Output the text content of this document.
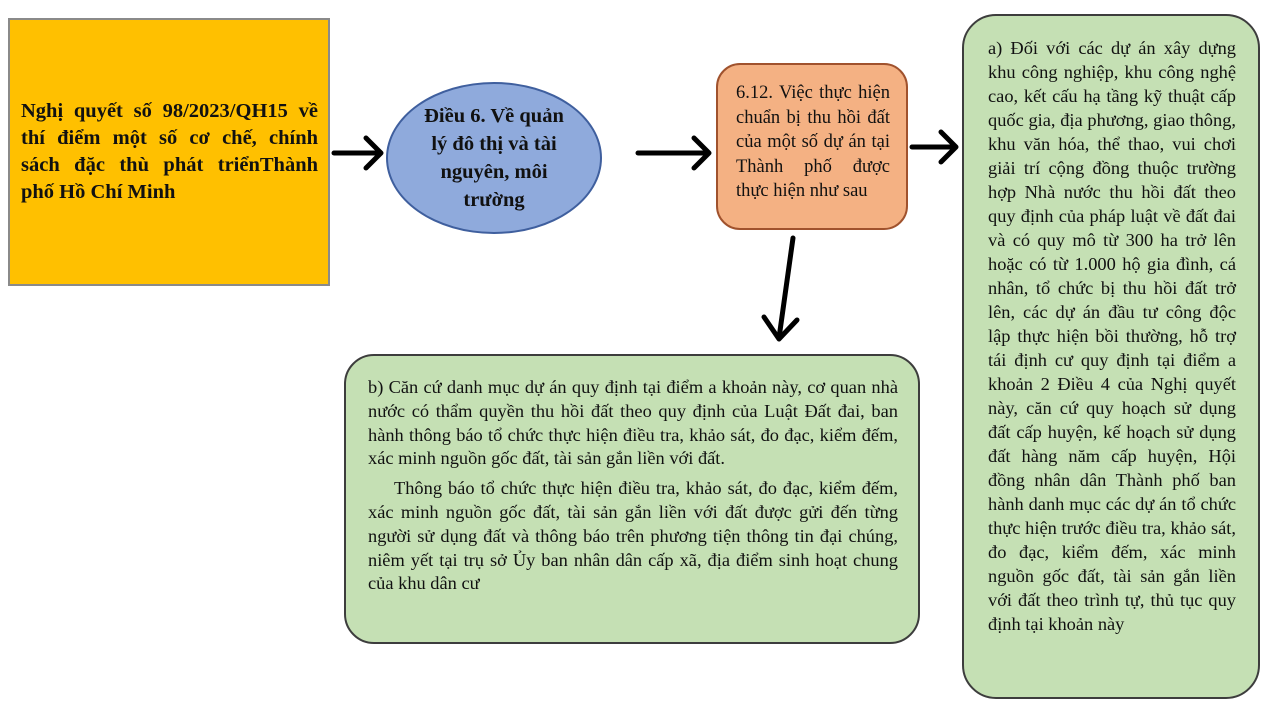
Nghị quyết số 98/2023/QH15 về thí điểm một số cơ chế, chính sách đặc thù phát triểnThành phố Hồ Chí Minh

Điều 6. Về quản lý đô thị và tài nguyên, môi trường

6.12. Việc thực hiện chuẩn bị thu hồi đất của một số dự án tại Thành phố được thực hiện như sau

a) Đối với các dự án xây dựng khu công nghiệp, khu công nghệ cao, kết cấu hạ tầng kỹ thuật cấp quốc gia, địa phương, giao thông, khu văn hóa, thể thao, vui chơi giải trí cộng đồng thuộc trường hợp Nhà nước thu hồi đất theo quy định của pháp luật về đất đai và có quy mô từ 300 ha trở lên hoặc có từ 1.000 hộ gia đình, cá nhân, tổ chức bị thu hồi đất trở lên, các dự án đầu tư công độc lập thực hiện bồi thường, hỗ trợ tái định cư quy định tại điểm a khoản 2 Điều 4 của Nghị quyết này, căn cứ quy hoạch sử dụng đất cấp huyện, kế hoạch sử dụng đất hàng năm cấp huyện, Hội đồng nhân dân Thành phố ban hành danh mục các dự án tổ chức thực hiện trước điều tra, khảo sát, đo đạc, kiểm đếm, xác minh nguồn gốc đất, tài sản gắn liền với đất theo trình tự, thủ tục quy định tại khoản này

b) Căn cứ danh mục dự án quy định tại điểm a khoản này, cơ quan nhà nước có thẩm quyền thu hồi đất theo quy định của Luật Đất đai, ban hành thông báo tổ chức thực hiện điều tra, khảo sát, đo đạc, kiểm đếm, xác minh nguồn gốc đất, tài sản gắn liền với đất.

Thông báo tổ chức thực hiện điều tra, khảo sát, đo đạc, kiểm đếm, xác minh nguồn gốc đất, tài sản gắn liền với đất được gửi đến từng người sử dụng đất và thông báo trên phương tiện thông tin đại chúng, niêm yết tại trụ sở Ủy ban nhân dân cấp xã, địa điểm sinh hoạt chung của khu dân cư
